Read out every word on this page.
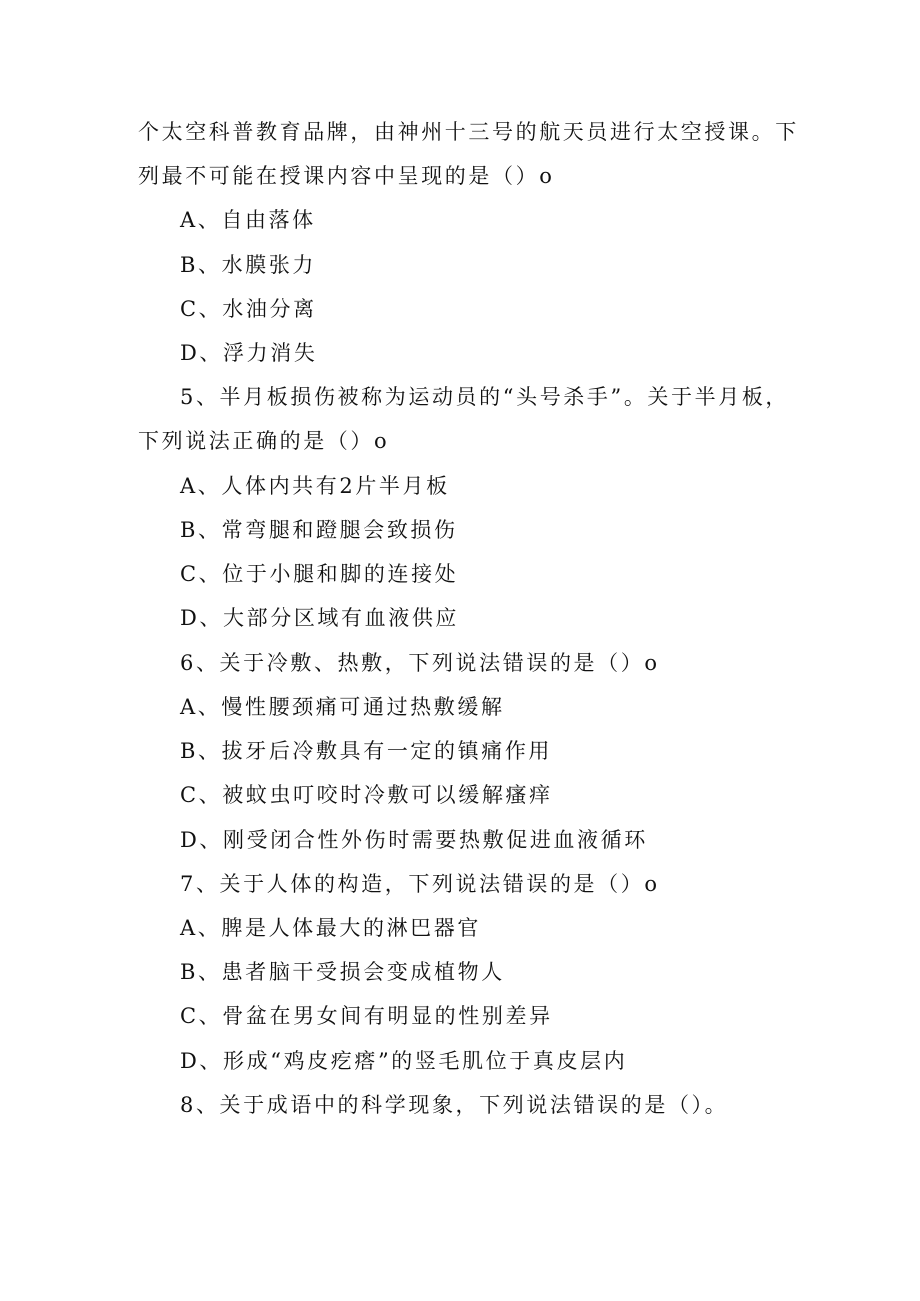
个太空科普教育品牌，由神州十三号的航天员进行太空授课。下
列最不可能在授课内容中呈现的是（）o
A、自由落体
B、水膜张力
C、水油分离
D、浮力消失
5、半月板损伤被称为运动员的“头号杀手”。关于半月板，
下列说法正确的是（）o
A、人体内共有2片半月板
B、常弯腿和蹬腿会致损伤
C、位于小腿和脚的连接处
D、大部分区域有血液供应
6、关于冷敷、热敷，下列说法错误的是（）o
A、慢性腰颈痛可通过热敷缓解
B、拔牙后冷敷具有一定的镇痛作用
C、被蚊虫叮咬时冷敷可以缓解瘙痒
D、刚受闭合性外伤时需要热敷促进血液循环
7、关于人体的构造，下列说法错误的是（）o
A、脾是人体最大的淋巴器官
B、患者脑干受损会变成植物人
C、骨盆在男女间有明显的性别差异
D、形成“鸡皮疙瘩”的竖毛肌位于真皮层内
8、关于成语中的科学现象，下列说法错误的是（）。
